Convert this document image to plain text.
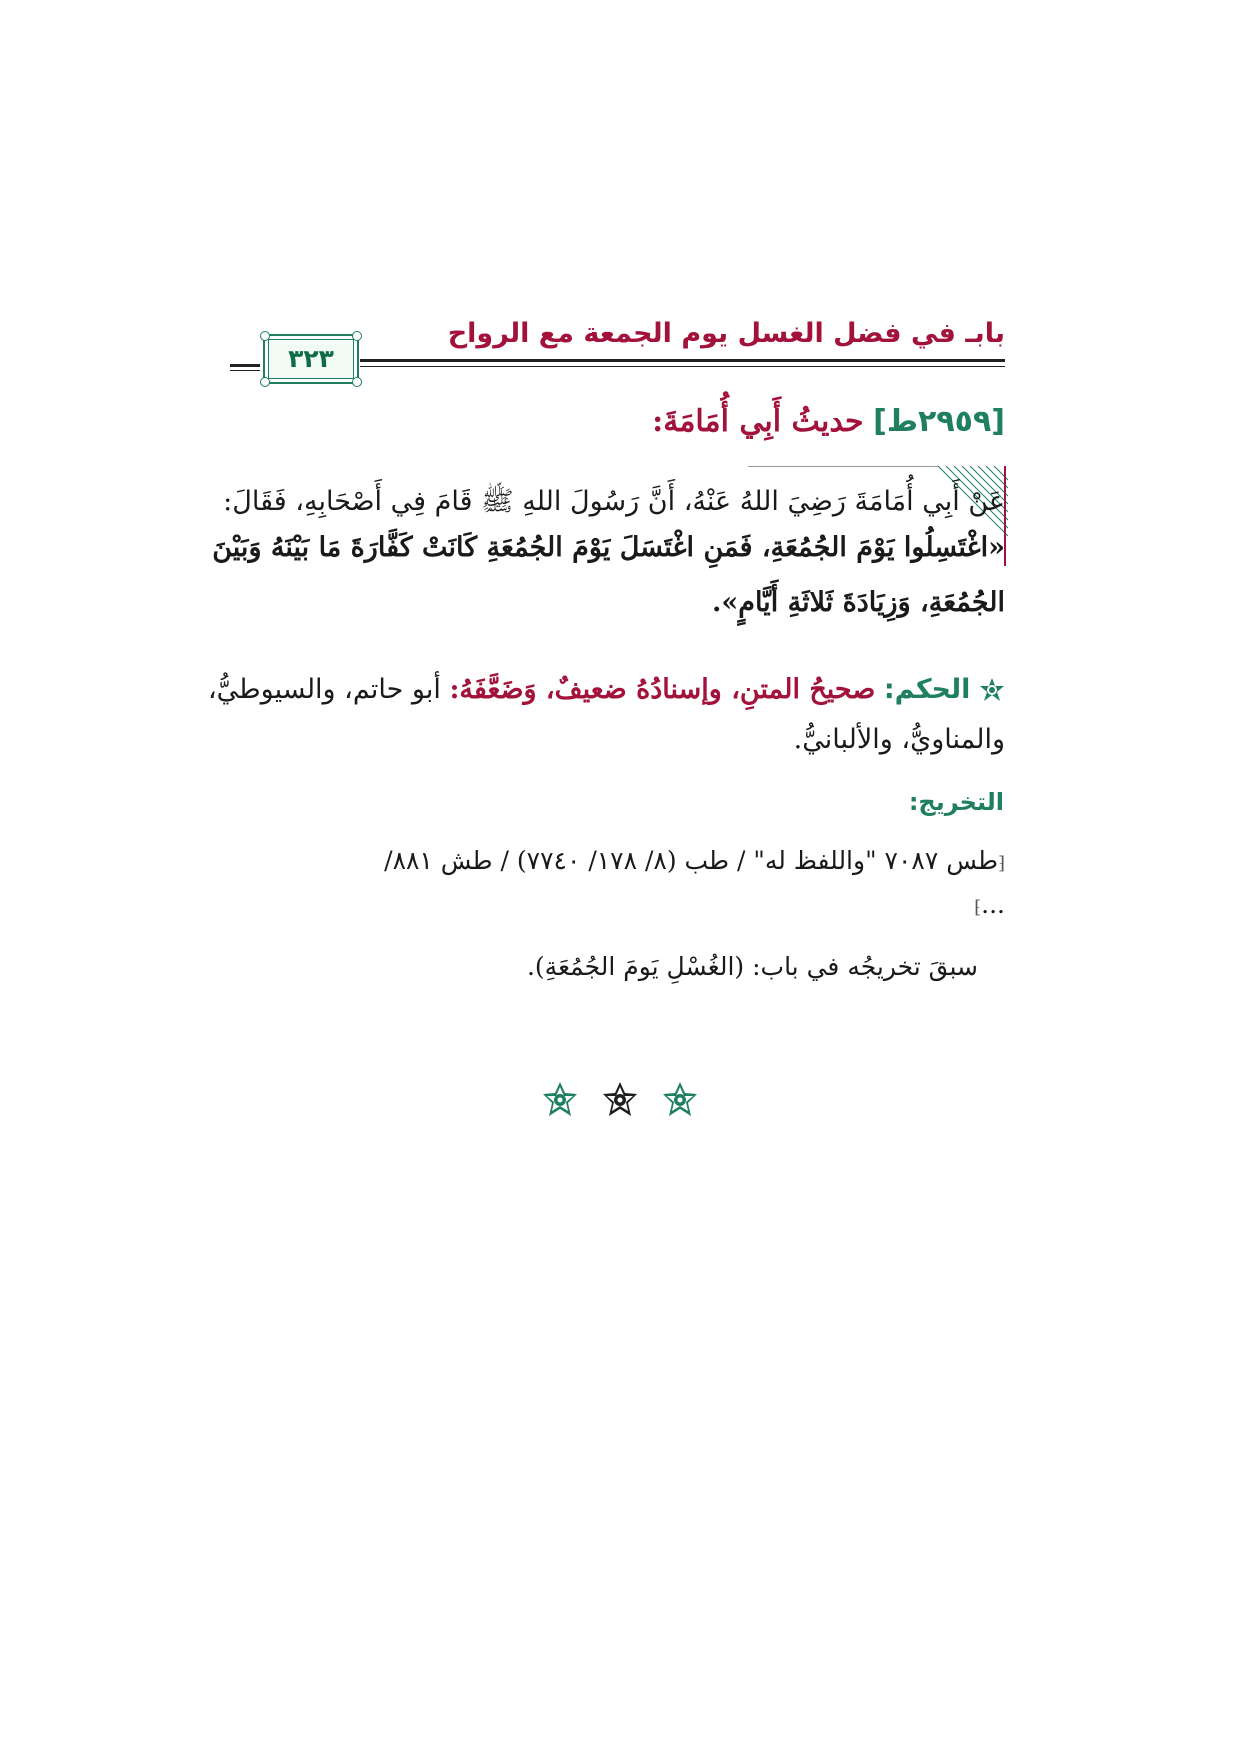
بابـ في فضل الغسل يوم الجمعة مع الرواح
٣٢٣
[٢٩٥٩ط] حديثُ أَبِي أُمَامَةَ:
عَنْ أَبِي أُمَامَةَ رَضِيَ اللهُ عَنْهُ، أَنَّ رَسُولَ اللهِ ﷺ قَامَ فِي أَصْحَابِهِ، فَقَالَ:
«اغْتَسِلُوا يَوْمَ الجُمُعَةِ، فَمَنِ اغْتَسَلَ يَوْمَ الجُمُعَةِ كَانَتْ كَفَّارَةَ مَا بَيْنَهُ وَبَيْنَ
الجُمُعَةِ، وَزِيَادَةَ ثَلاثَةِ أَيَّامٍ».
الحكم: صحيحُ المتنِ، وإسنادُهُ ضعيفٌ، وَضَعَّفَهُ: أبو حاتم، والسيوطيُّ،
والمناويُّ، والألبانيُّ.
التخريج:
⁅طس ٧٠٨٧ "واللفظ له" / طب (٨/ ١٧٨/ ٧٧٤٠) / طش ٨٨١/
...⁆
سبقَ تخريجُه في باب: (الغُسْلِ يَومَ الجُمُعَةِ).
